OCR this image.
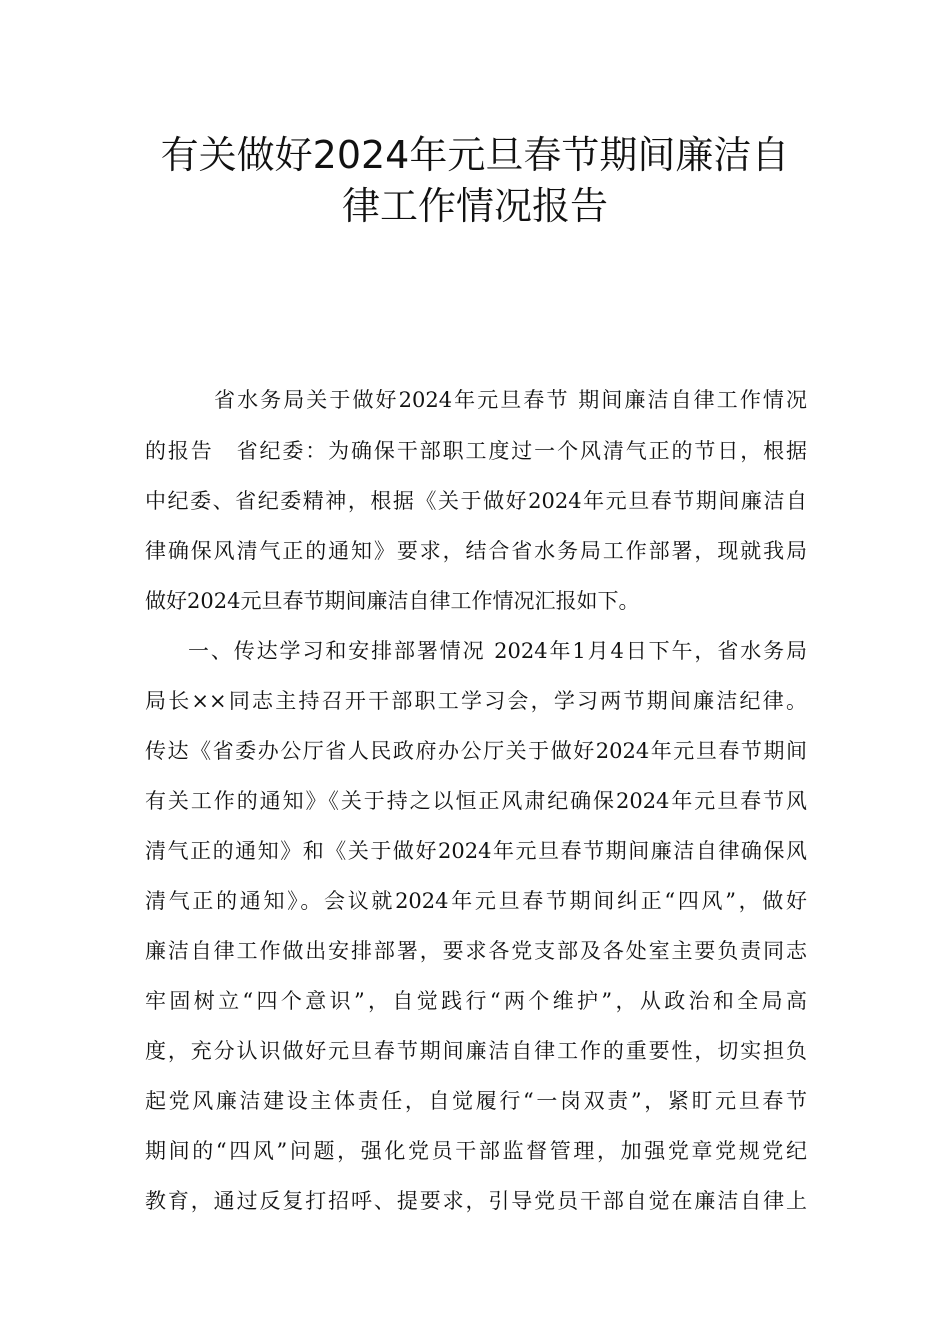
有关做好2024年元旦春节期间廉洁自
律工作情况报告
省水务局关于做好2024年元旦春节 期间廉洁自律工作情况
的报告　省纪委：为确保干部职工度过一个风清气正的节日，根据
中纪委、省纪委精神，根据《关于做好2024年元旦春节期间廉洁自
律确保风清气正的通知》要求，结合省水务局工作部署，现就我局
做好2024元旦春节期间廉洁自律工作情况汇报如下。
一、传达学习和安排部署情况 2024年1月4日下午，省水务局
局长××同志主持召开干部职工学习会，学习两节期间廉洁纪律。
传达《省委办公厅省人民政府办公厅关于做好2024年元旦春节期间
有关工作的通知》《关于持之以恒正风肃纪确保2024年元旦春节风
清气正的通知》和《关于做好2024年元旦春节期间廉洁自律确保风
清气正的通知》。会议就2024年元旦春节期间纠正“四风”，做好
廉洁自律工作做出安排部署，要求各党支部及各处室主要负责同志
牢固树立“四个意识”，自觉践行“两个维护”，从政治和全局高
度，充分认识做好元旦春节期间廉洁自律工作的重要性，切实担负
起党风廉洁建设主体责任，自觉履行“一岗双责”，紧盯元旦春节
期间的“四风”问题，强化党员干部监督管理，加强党章党规党纪
教育，通过反复打招呼、提要求，引导党员干部自觉在廉洁自律上
